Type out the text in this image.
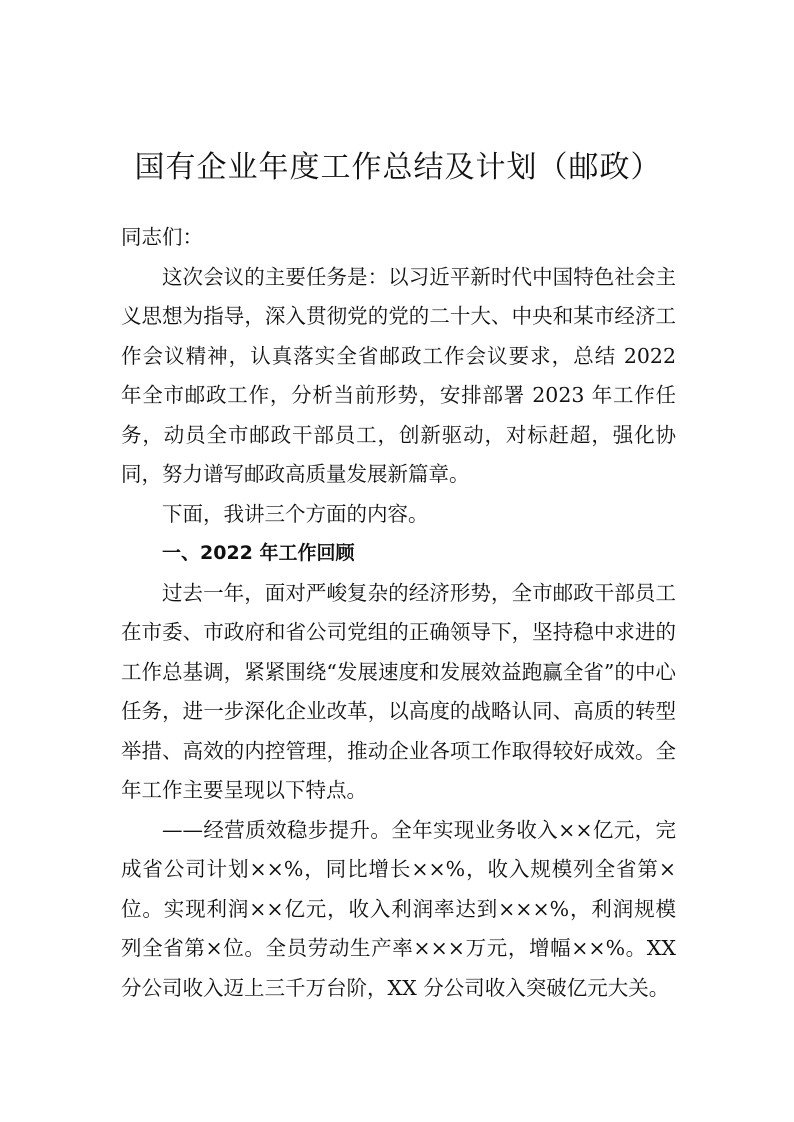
国有企业年度工作总结及计划（邮政）

同志们：

这次会议的主要任务是：以习近平新时代中国特色社会主义思想为指导，深入贯彻党的党的二十大、中央和某市经济工作会议精神，认真落实全省邮政工作会议要求，总结 2022 年全市邮政工作，分析当前形势，安排部署 2023 年工作任务，动员全市邮政干部员工，创新驱动，对标赶超，强化协同，努力谱写邮政高质量发展新篇章。

下面，我讲三个方面的内容。

一、2022 年工作回顾

过去一年，面对严峻复杂的经济形势，全市邮政干部员工在市委、市政府和省公司党组的正确领导下，坚持稳中求进的工作总基调，紧紧围绕“发展速度和发展效益跑赢全省”的中心任务，进一步深化企业改革，以高度的战略认同、高质的转型举措、高效的内控管理，推动企业各项工作取得较好成效。全年工作主要呈现以下特点。

——经营质效稳步提升。全年实现业务收入××亿元，完成省公司计划××%，同比增长××%，收入规模列全省第×位。实现利润××亿元，收入利润率达到×××%，利润规模列全省第×位。全员劳动生产率×××万元，增幅××%。XX 分公司收入迈上三千万台阶，XX 分公司收入突破亿元大关。
